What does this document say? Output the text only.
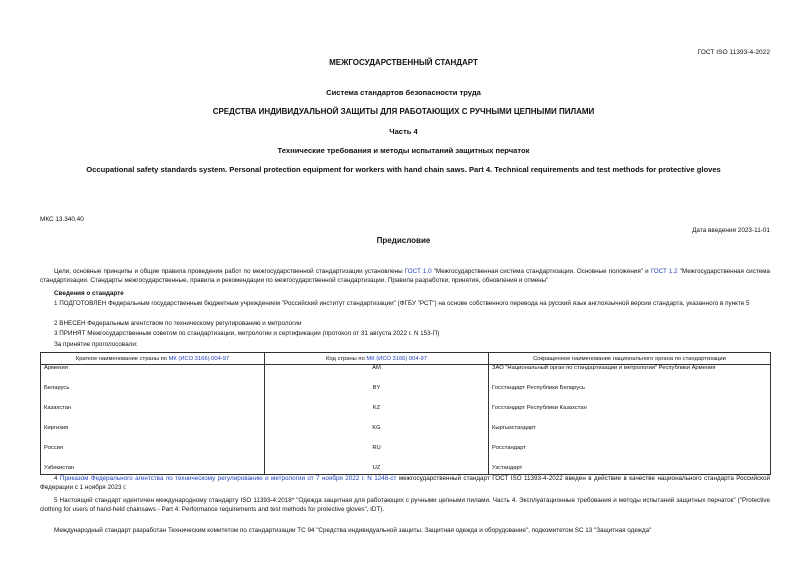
ГОСТ ISO 11393-4-2022
МЕЖГОСУДАРСТВЕННЫЙ СТАНДАРТ
Система стандартов безопасности труда
СРЕДСТВА ИНДИВИДУАЛЬНОЙ ЗАЩИТЫ ДЛЯ РАБОТАЮЩИХ С РУЧНЫМИ ЦЕПНЫМИ ПИЛАМИ
Часть 4
Технические требования и методы испытаний защитных перчаток
Occupational safety standards system. Personal protection equipment for workers with hand chain saws. Part 4. Technical requirements and test methods for protective gloves
МКС 13.340.40
Дата введения 2023-11-01
Предисловие
Цели, основные принципы и общие правила проведения работ по межгосударственной стандартизации установлены ГОСТ 1.0 "Межгосударственная система стандартизации. Основные положения" и ГОСТ 1.2 "Межгосударственная система стандартизации. Стандарты межгосударственные, правила и рекомендации по межгосударственной стандартизации. Правила разработки, принятия, обновления и отмены"
Сведения о стандарте
1 ПОДГОТОВЛЕН Федеральным государственным бюджетным учреждением "Российский институт стандартизации" (ФГБУ "РСТ") на основе собственного перевода на русский язык англоязычной версии стандарта, указанного в пункте 5
2 ВНЕСЕН Федеральным агентством по техническому регулированию и метрологии
3 ПРИНЯТ Межгосударственным советом по стандартизации, метрологии и сертификации (протокол от 31 августа 2022 г. N 153-П)
За принятие проголосовали:
Краткое наименование страны по МК (ИСО 3166) 004-97	Код страны по МК (ИСО 3166) 004-97	Сокращенное наименование национального органа по стандартизации
Армения	AM	ЗАО "Национальный орган по стандартизации и метрологии" Республики Армения
Беларусь	BY	Госстандарт Республики Беларусь
Казахстан	KZ	Госстандарт Республики Казахстан
Киргизия	KG	Кыргызстандарт
Россия	RU	Росстандарт
Узбекистан	UZ	Узстандарт
4 Приказом Федерального агентства по техническому регулированию и метрологии от 7 ноября 2022 г. N 1246-ст межгосударственный стандарт ГОСТ ISO 11393-4-2022 введен в действие в качестве национального стандарта Российской Федерации с 1 ноября 2023 г.
5 Настоящий стандарт идентичен международному стандарту ISO 11393-4:2018* "Одежда защитная для работающих с ручными цепными пилами. Часть 4. Эксплуатационные требования и методы испытаний защитных перчаток" ("Protective clothing for users of hand-held chainsaws - Part 4: Performance requirements and test methods for protective gloves", IDT).
Международный стандарт разработан Техническим комитетом по стандартизации ТС 94 "Средства индивидуальной защиты. Защитная одежда и оборудование", подкомитетом SC 13 "Защитная одежда"
